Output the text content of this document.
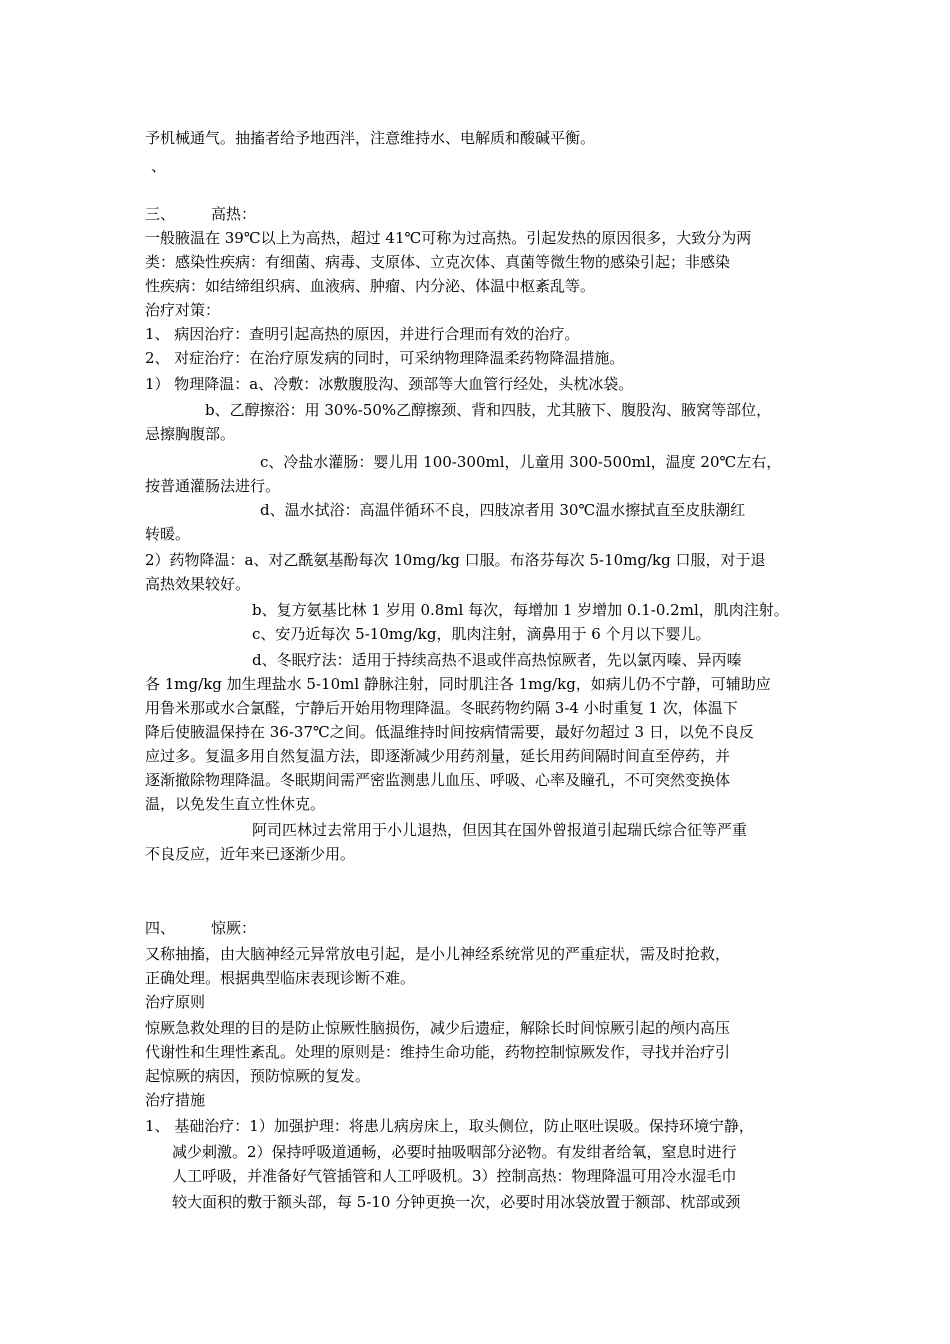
予机械通气。抽搐者给予地西泮，注意维持水、电解质和酸碱平衡。
、
三、 高热：
一般腋温在 39℃以上为高热，超过 41℃可称为过高热。引起发热的原因很多，大致分为两
类：感染性疾病：有细菌、病毒、支原体、立克次体、真菌等微生物的感染引起；非感染
性疾病：如结缔组织病、血液病、肿瘤、内分泌、体温中枢紊乱等。
治疗对策：
1、 病因治疗：查明引起高热的原因，并进行合理而有效的治疗。
2、 对症治疗：在治疗原发病的同时，可采纳物理降温柔药物降温措施。
1） 物理降温：a、冷敷：冰敷腹股沟、颈部等大血管行经处，头枕冰袋。
b、乙醇擦浴：用 30%-50%乙醇擦颈、背和四肢，尤其腋下、腹股沟、腋窝等部位，
忌擦胸腹部。
c、冷盐水灌肠：婴儿用 100-300ml，儿童用 300-500ml，温度 20℃左右，
按普通灌肠法进行。
d、温水拭浴：高温伴循环不良，四肢凉者用 30℃温水擦拭直至皮肤潮红
转暖。
2）药物降温：a、对乙酰氨基酚每次 10mg/kg 口服。布洛芬每次 5-10mg/kg 口服，对于退
高热效果较好。
b、复方氨基比林 1 岁用 0.8ml 每次，每增加 1 岁增加 0.1-0.2ml，肌肉注射。
c、安乃近每次 5-10mg/kg，肌肉注射，滴鼻用于 6 个月以下婴儿。
d、冬眠疗法：适用于持续高热不退或伴高热惊厥者，先以氯丙嗪、异丙嗪
各 1mg/kg 加生理盐水 5-10ml 静脉注射，同时肌注各 1mg/kg，如病儿仍不宁静，可辅助应
用鲁米那或水合氯醛，宁静后开始用物理降温。冬眠药物约隔 3-4 小时重复 1 次，体温下
降后使腋温保持在 36-37℃之间。低温维持时间按病情需要，最好勿超过 3 日，以免不良反
应过多。复温多用自然复温方法，即逐渐减少用药剂量，延长用药间隔时间直至停药，并
逐渐撤除物理降温。冬眠期间需严密监测患儿血压、呼吸、心率及瞳孔，不可突然变换体
温，以免发生直立性休克。
阿司匹林过去常用于小儿退热，但因其在国外曾报道引起瑞氏综合征等严重
不良反应，近年来已逐渐少用。
四、 惊厥：
又称抽搐，由大脑神经元异常放电引起，是小儿神经系统常见的严重症状，需及时抢救，
正确处理。根据典型临床表现诊断不难。
治疗原则
惊厥急救处理的目的是防止惊厥性脑损伤，减少后遗症，解除长时间惊厥引起的颅内高压
代谢性和生理性紊乱。处理的原则是：维持生命功能，药物控制惊厥发作，寻找并治疗引
起惊厥的病因，预防惊厥的复发。
治疗措施
1、 基础治疗：1）加强护理：将患儿病房床上，取头侧位，防止呕吐误吸。保持环境宁静，
减少刺激。2）保持呼吸道通畅，必要时抽吸咽部分泌物。有发绀者给氧，窒息时进行
人工呼吸，并准备好气管插管和人工呼吸机。3）控制高热：物理降温可用冷水湿毛巾
较大面积的敷于额头部，每 5-10 分钟更换一次，必要时用冰袋放置于额部、枕部或颈
